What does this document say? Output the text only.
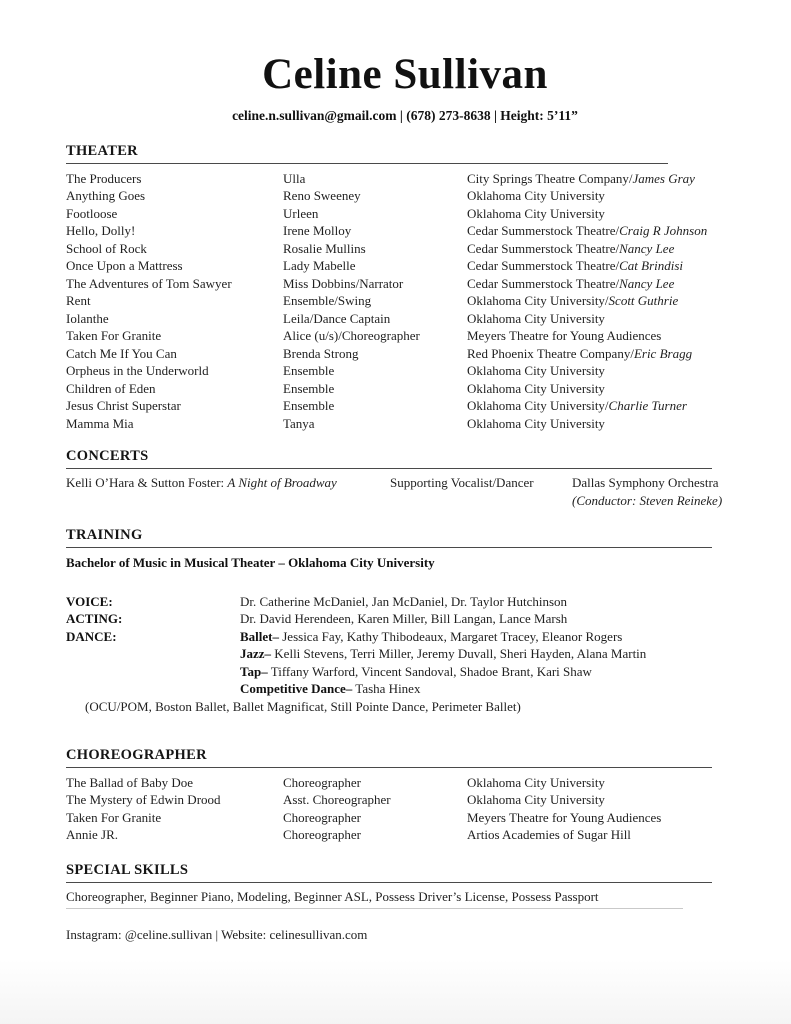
Celine Sullivan
celine.n.sullivan@gmail.com | (678) 273-8638 | Height: 5’11”
THEATER
The Producers	Ulla	City Springs Theatre Company/James Gray
Anything Goes	Reno Sweeney	Oklahoma City University
Footloose	Urleen	Oklahoma City University
Hello, Dolly!	Irene Molloy	Cedar Summerstock Theatre/Craig R Johnson
School of Rock	Rosalie Mullins	Cedar Summerstock Theatre/Nancy Lee
Once Upon a Mattress	Lady Mabelle	Cedar Summerstock Theatre/Cat Brindisi
The Adventures of Tom Sawyer	Miss Dobbins/Narrator	Cedar Summerstock Theatre/Nancy Lee
Rent	Ensemble/Swing	Oklahoma City University/Scott Guthrie
Iolanthe	Leila/Dance Captain	Oklahoma City University
Taken For Granite	Alice (u/s)/Choreographer	Meyers Theatre for Young Audiences
Catch Me If You Can	Brenda Strong	Red Phoenix Theatre Company/Eric Bragg
Orpheus in the Underworld	Ensemble	Oklahoma City University
Children of Eden	Ensemble	Oklahoma City University
Jesus Christ Superstar	Ensemble	Oklahoma City University/Charlie Turner
Mamma Mia	Tanya	Oklahoma City University
CONCERTS
Kelli O’Hara & Sutton Foster: A Night of Broadway	Supporting Vocalist/Dancer	Dallas Symphony Orchestra
(Conductor: Steven Reineke)
TRAINING
Bachelor of Music in Musical Theater – Oklahoma City University
VOICE:	Dr. Catherine McDaniel, Jan McDaniel, Dr. Taylor Hutchinson
ACTING:	Dr. David Herendeen, Karen Miller, Bill Langan, Lance Marsh
DANCE:	Ballet– Jessica Fay, Kathy Thibodeaux, Margaret Tracey, Eleanor Rogers
Jazz– Kelli Stevens, Terri Miller, Jeremy Duvall, Sheri Hayden, Alana Martin
Tap– Tiffany Warford, Vincent Sandoval, Shadoe Brant, Kari Shaw
Competitive Dance– Tasha Hinex
(OCU/POM, Boston Ballet, Ballet Magnificat, Still Pointe Dance, Perimeter Ballet)
CHOREOGRAPHER
The Ballad of Baby Doe	Choreographer	Oklahoma City University
The Mystery of Edwin Drood	Asst. Choreographer	Oklahoma City University
Taken For Granite	Choreographer	Meyers Theatre for Young Audiences
Annie JR.	Choreographer	Artios Academies of Sugar Hill
SPECIAL SKILLS
Choreographer, Beginner Piano, Modeling, Beginner ASL, Possess Driver’s License, Possess Passport
Instagram: @celine.sullivan | Website: celinesullivan.com
